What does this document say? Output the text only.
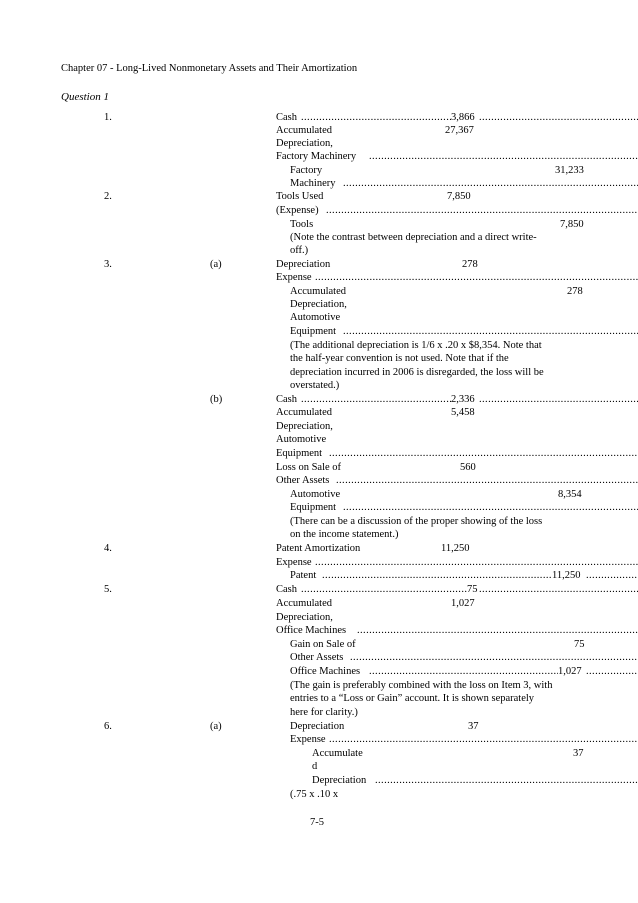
Chapter 07 - Long-Lived Nonmonetary Assets and Their Amortization
Question 1
1.	Cash .....	3,866
.....
Accumulated	27,367
Depreciation,
Factory Machinery
.....
Factory	31,233
Machinery
.....
2.	Tools Used	7,850
(Expense)
.....
Tools	7,850
(Note the contrast between depreciation and a direct write-
off.)
3.	(a)	Depreciation	278
Expense
.....
Accumulated	278
Depreciation,
Automotive
Equipment
.....
(The additional depreciation is 1/6 x .20 x $8,354. Note that
the half-year convention is not used. Note that if the
depreciation incurred in 2006 is disregarded, the loss will be
overstated.)
(b)	Cash .....	2,336
.....
Accumulated	5,458
Depreciation,
Automotive
Equipment
.....
Loss on Sale of	560
Other Assets
.....
Automotive	8,354
Equipment
.....
(There can be a discussion of the proper showing of the loss
on the income statement.)
4.	Patent Amortization	11,250
Expense
.....
Patent .....	11,250
.....
5.	Cash .....	75
.....
Accumulated	1,027
Depreciation,
Office Machines
.....
Gain on Sale of	75
Other Assets
.....
Office Machines .....	1,027
.....
(The gain is preferably combined with the loss on Item 3, with
entries to a “Loss or Gain” account. It is shown separately
here for clarity.)
6.	(a)	Depreciation	37
Expense
.....
Accumulate	37
d
Depreciation
.....
(.75 x .10 x
7-5
